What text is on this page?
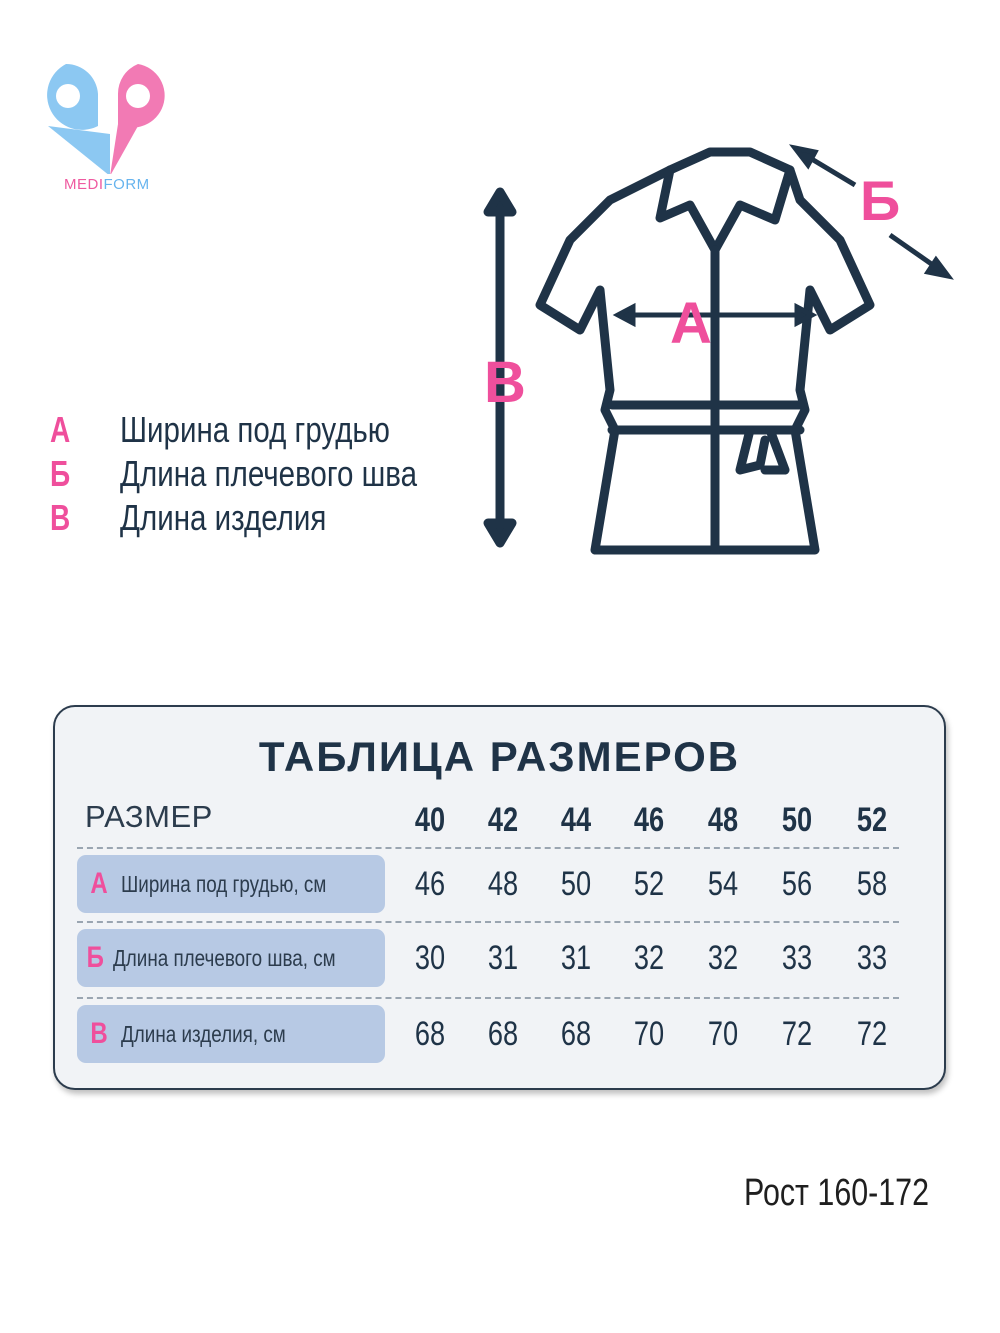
MEDIFORM
А
Б
В
А	Ширина под грудью
Б	Длина плечевого шва
В	Длина изделия
ТАБЛИЦА РАЗМЕРОВ
РАЗМЕР	40 42 44 46 48 50 52
А Ширина под грудью, см	46 48 50 52 54 56 58
Б Длина плечевого шва, см 30 31 31 32 32 33 33
В Длина изделия, см	68 68 68 70 70 72 72
Рост 160-172
